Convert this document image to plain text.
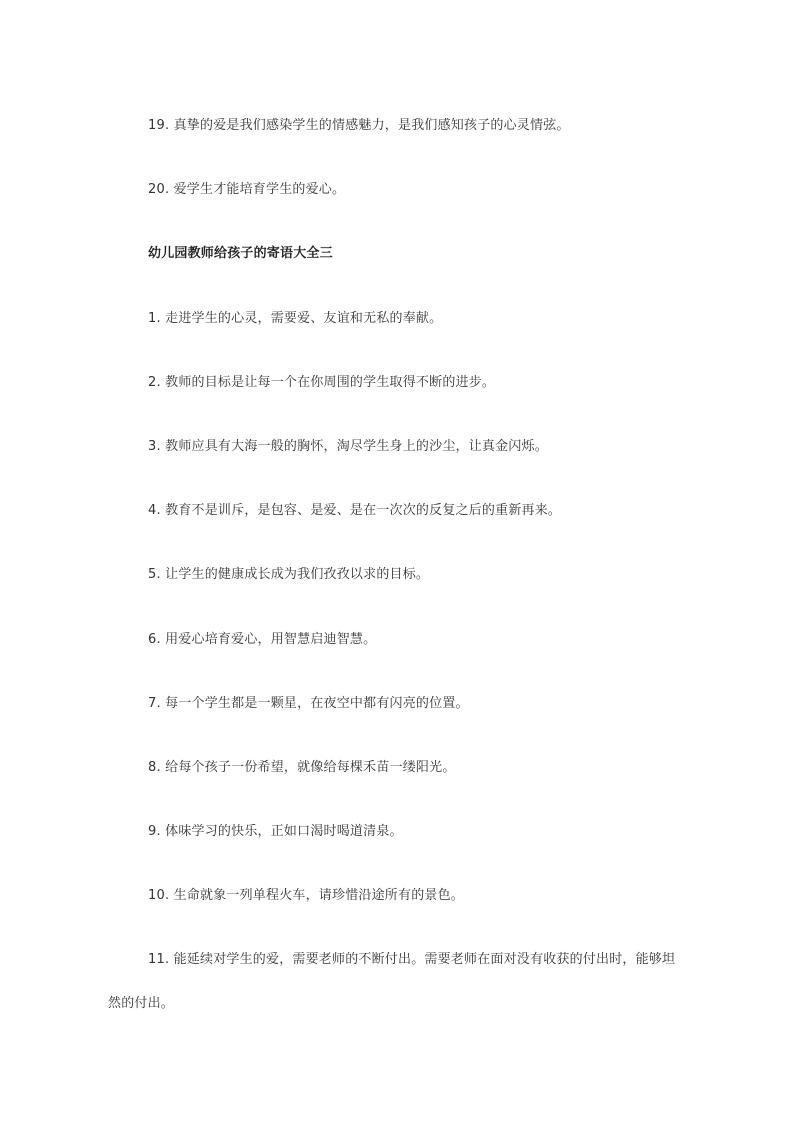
19. 真挚的爱是我们感染学生的情感魅力，是我们感知孩子的心灵情弦。
20. 爱学生才能培育学生的爱心。
幼儿园教师给孩子的寄语大全三
1. 走进学生的心灵，需要爱、友谊和无私的奉献。
2. 教师的目标是让每一个在你周围的学生取得不断的进步。
3. 教师应具有大海一般的胸怀，淘尽学生身上的沙尘，让真金闪烁。
4. 教育不是训斥，是包容、是爱、是在一次次的反复之后的重新再来。
5. 让学生的健康成长成为我们孜孜以求的目标。
6. 用爱心培育爱心，用智慧启迪智慧。
7. 每一个学生都是一颗星，在夜空中都有闪亮的位置。
8. 给每个孩子一份希望，就像给每棵禾苗一缕阳光。
9. 体味学习的快乐，正如口渴时喝道清泉。
10. 生命就象一列单程火车，请珍惜沿途所有的景色。
11. 能延续对学生的爱，需要老师的不断付出。需要老师在面对没有收获的付出时，能够坦然的付出。
